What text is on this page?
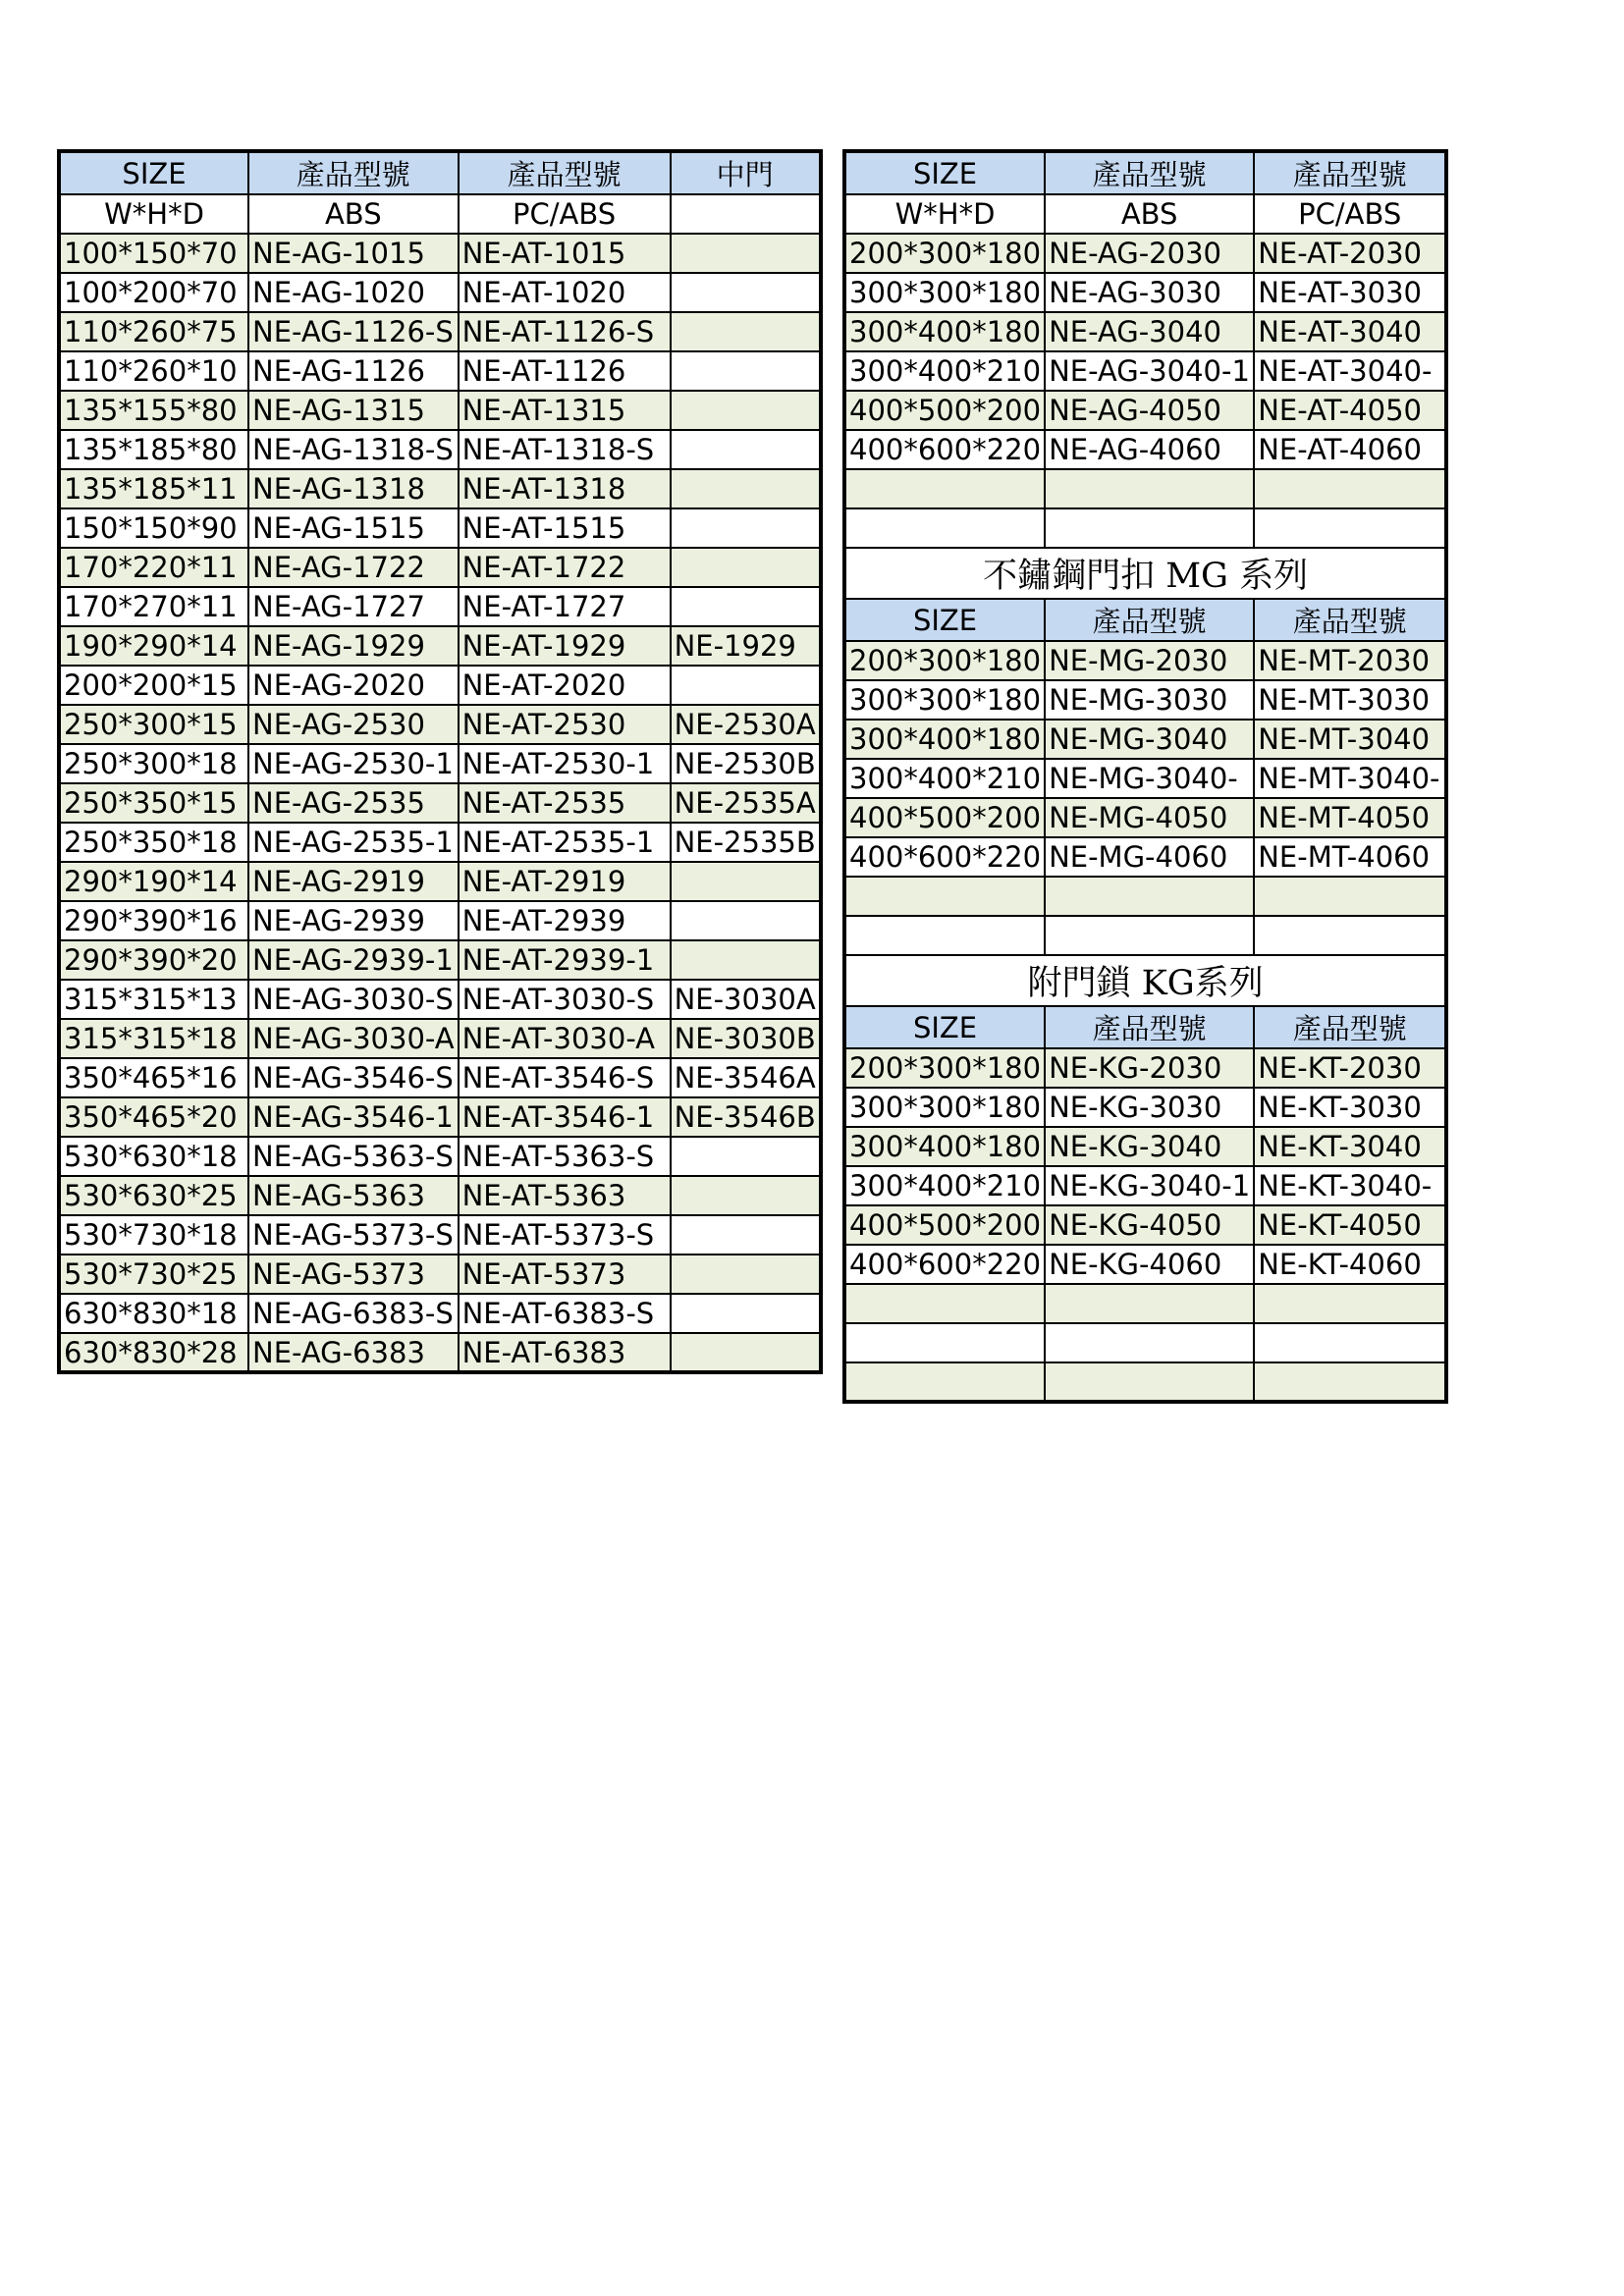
SIZE	產品型號	產品型號	中門
W*H*D	ABS	PC/ABS	
100*150*70	NE-AG-1015	NE-AT-1015	
100*200*70	NE-AG-1020	NE-AT-1020	
110*260*75	NE-AG-1126-S	NE-AT-1126-S	
110*260*10	NE-AG-1126	NE-AT-1126	
135*155*80	NE-AG-1315	NE-AT-1315	
135*185*80	NE-AG-1318-S	NE-AT-1318-S	
135*185*11	NE-AG-1318	NE-AT-1318	
150*150*90	NE-AG-1515	NE-AT-1515	
170*220*11	NE-AG-1722	NE-AT-1722	
170*270*11	NE-AG-1727	NE-AT-1727	
190*290*14	NE-AG-1929	NE-AT-1929	NE-1929
200*200*15	NE-AG-2020	NE-AT-2020	
250*300*15	NE-AG-2530	NE-AT-2530	NE-2530A
250*300*18	NE-AG-2530-1	NE-AT-2530-1	NE-2530B
250*350*15	NE-AG-2535	NE-AT-2535	NE-2535A
250*350*18	NE-AG-2535-1	NE-AT-2535-1	NE-2535B
290*190*14	NE-AG-2919	NE-AT-2919	
290*390*16	NE-AG-2939	NE-AT-2939	
290*390*20	NE-AG-2939-1	NE-AT-2939-1	
315*315*13	NE-AG-3030-S	NE-AT-3030-S	NE-3030A
315*315*18	NE-AG-3030-A	NE-AT-3030-A	NE-3030B
350*465*16	NE-AG-3546-S	NE-AT-3546-S	NE-3546A
350*465*20	NE-AG-3546-1	NE-AT-3546-1	NE-3546B
530*630*18	NE-AG-5363-S	NE-AT-5363-S	
530*630*25	NE-AG-5363	NE-AT-5363	
530*730*18	NE-AG-5373-S	NE-AT-5373-S	
530*730*25	NE-AG-5373	NE-AT-5373	
630*830*18	NE-AG-6383-S	NE-AT-6383-S	
630*830*28	NE-AG-6383	NE-AT-6383	
SIZE	產品型號	產品型號
W*H*D	ABS	PC/ABS
200*300*180	NE-AG-2030	NE-AT-2030
300*300*180	NE-AG-3030	NE-AT-3030
300*400*180	NE-AG-3040	NE-AT-3040
300*400*210	NE-AG-3040-1	NE-AT-3040-
400*500*200	NE-AG-4050	NE-AT-4050
400*600*220	NE-AG-4060	NE-AT-4060

不鏽鋼門扣 MG 系列		
SIZE	產品型號	產品型號
200*300*180	NE-MG-2030	NE-MT-2030
300*300*180	NE-MG-3030	NE-MT-3030
300*400*180	NE-MG-3040	NE-MT-3040
300*400*210	NE-MG-3040-	NE-MT-3040-
400*500*200	NE-MG-4050	NE-MT-4050
400*600*220	NE-MG-4060	NE-MT-4060

附門鎖 KG系列		
SIZE	產品型號	產品型號
200*300*180	NE-KG-2030	NE-KT-2030
300*300*180	NE-KG-3030	NE-KT-3030
300*400*180	NE-KG-3040	NE-KT-3040
300*400*210	NE-KG-3040-1	NE-KT-3040-
400*500*200	NE-KG-4050	NE-KT-4050
400*600*220	NE-KG-4060	NE-KT-4060
